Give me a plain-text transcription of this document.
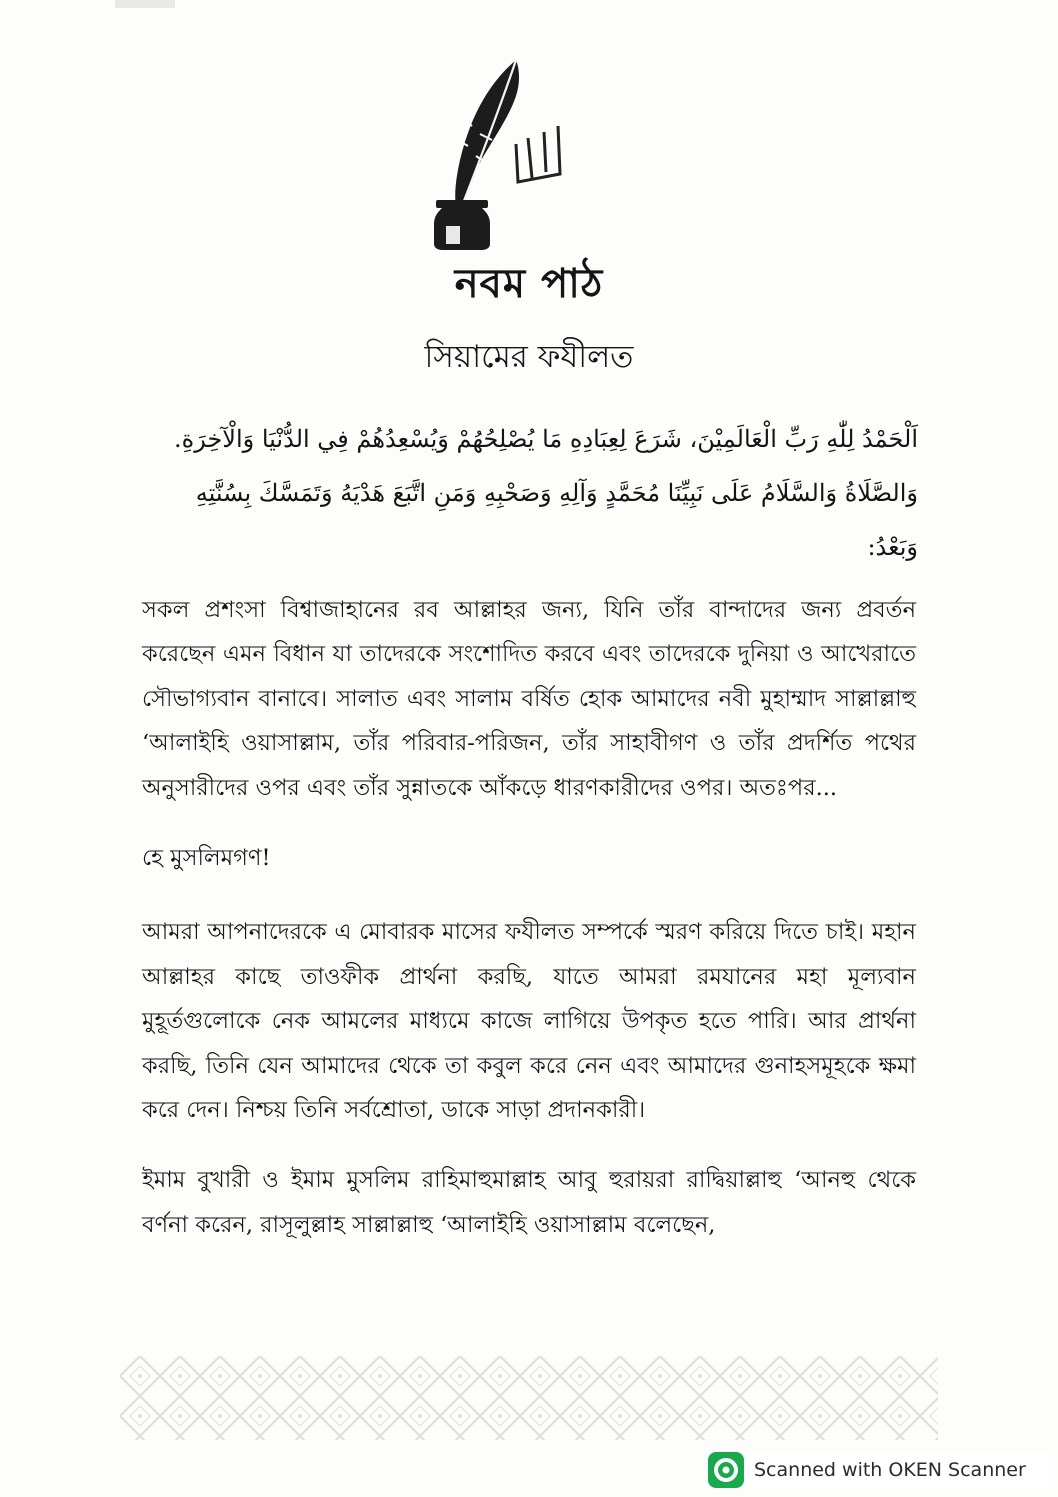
নবম পাঠ
সিয়ামের ফযীলত

اَلْحَمْدُ لِلّٰهِ رَبِّ الْعَالَمِيْنَ، شَرَعَ لِعِبَادِهِ مَا يُصْلِحُهُمْ وَيُسْعِدُهُمْ فِي الدُّنْيَا وَالْآخِرَةِ.

وَالصَّلَاةُ وَالسَّلَامُ عَلَى نَبِيِّنَا مُحَمَّدٍ وَآلِهِ وَصَحْبِهِ وَمَنِ اتَّبَعَ هَدْيَهُ وَتَمَسَّكَ بِسُنَّتِهِ

وَبَعْدُ:

সকল প্রশংসা বিশ্বাজাহানের রব আল্লাহর জন্য, যিনি তাঁর বান্দাদের জন্য প্রবর্তন করেছেন এমন বিধান যা তাদেরকে সংশোদিত করবে এবং তাদেরকে দুনিয়া ও আখেরাতে সৌভাগ্যবান বানাবে। সালাত এবং সালাম বর্ষিত হোক আমাদের নবী মুহাম্মাদ সাল্লাল্লাহু ‘আলাইহি ওয়াসাল্লাম, তাঁর পরিবার-পরিজন, তাঁর সাহাবীগণ ও তাঁর প্রদর্শিত পথের অনুসারীদের ওপর এবং তাঁর সুন্নাতকে আঁকড়ে ধারণকারীদের ওপর। অতঃপর...

হে মুসলিমগণ!

আমরা আপনাদেরকে এ মোবারক মাসের ফযীলত সম্পর্কে স্মরণ করিয়ে দিতে চাই। মহান আল্লাহর কাছে তাওফীক প্রার্থনা করছি, যাতে আমরা রমযানের মহা মূল্যবান মুহূর্তগুলোকে নেক আমলের মাধ্যমে কাজে লাগিয়ে উপকৃত হতে পারি। আর প্রার্থনা করছি, তিনি যেন আমাদের থেকে তা কবুল করে নেন এবং আমাদের গুনাহসমূহকে ক্ষমা করে দেন। নিশ্চয় তিনি সর্বশ্রোতা, ডাকে সাড়া প্রদানকারী।

ইমাম বুখারী ও ইমাম মুসলিম রাহিমাহুমাল্লাহ আবু হুরায়রা রাদ্বিয়াল্লাহু ‘আনহু থেকে বর্ণনা করেন, রাসূলুল্লাহ সাল্লাল্লাহু ‘আলাইহি ওয়াসাল্লাম বলেছেন,

Scanned with OKEN Scanner
